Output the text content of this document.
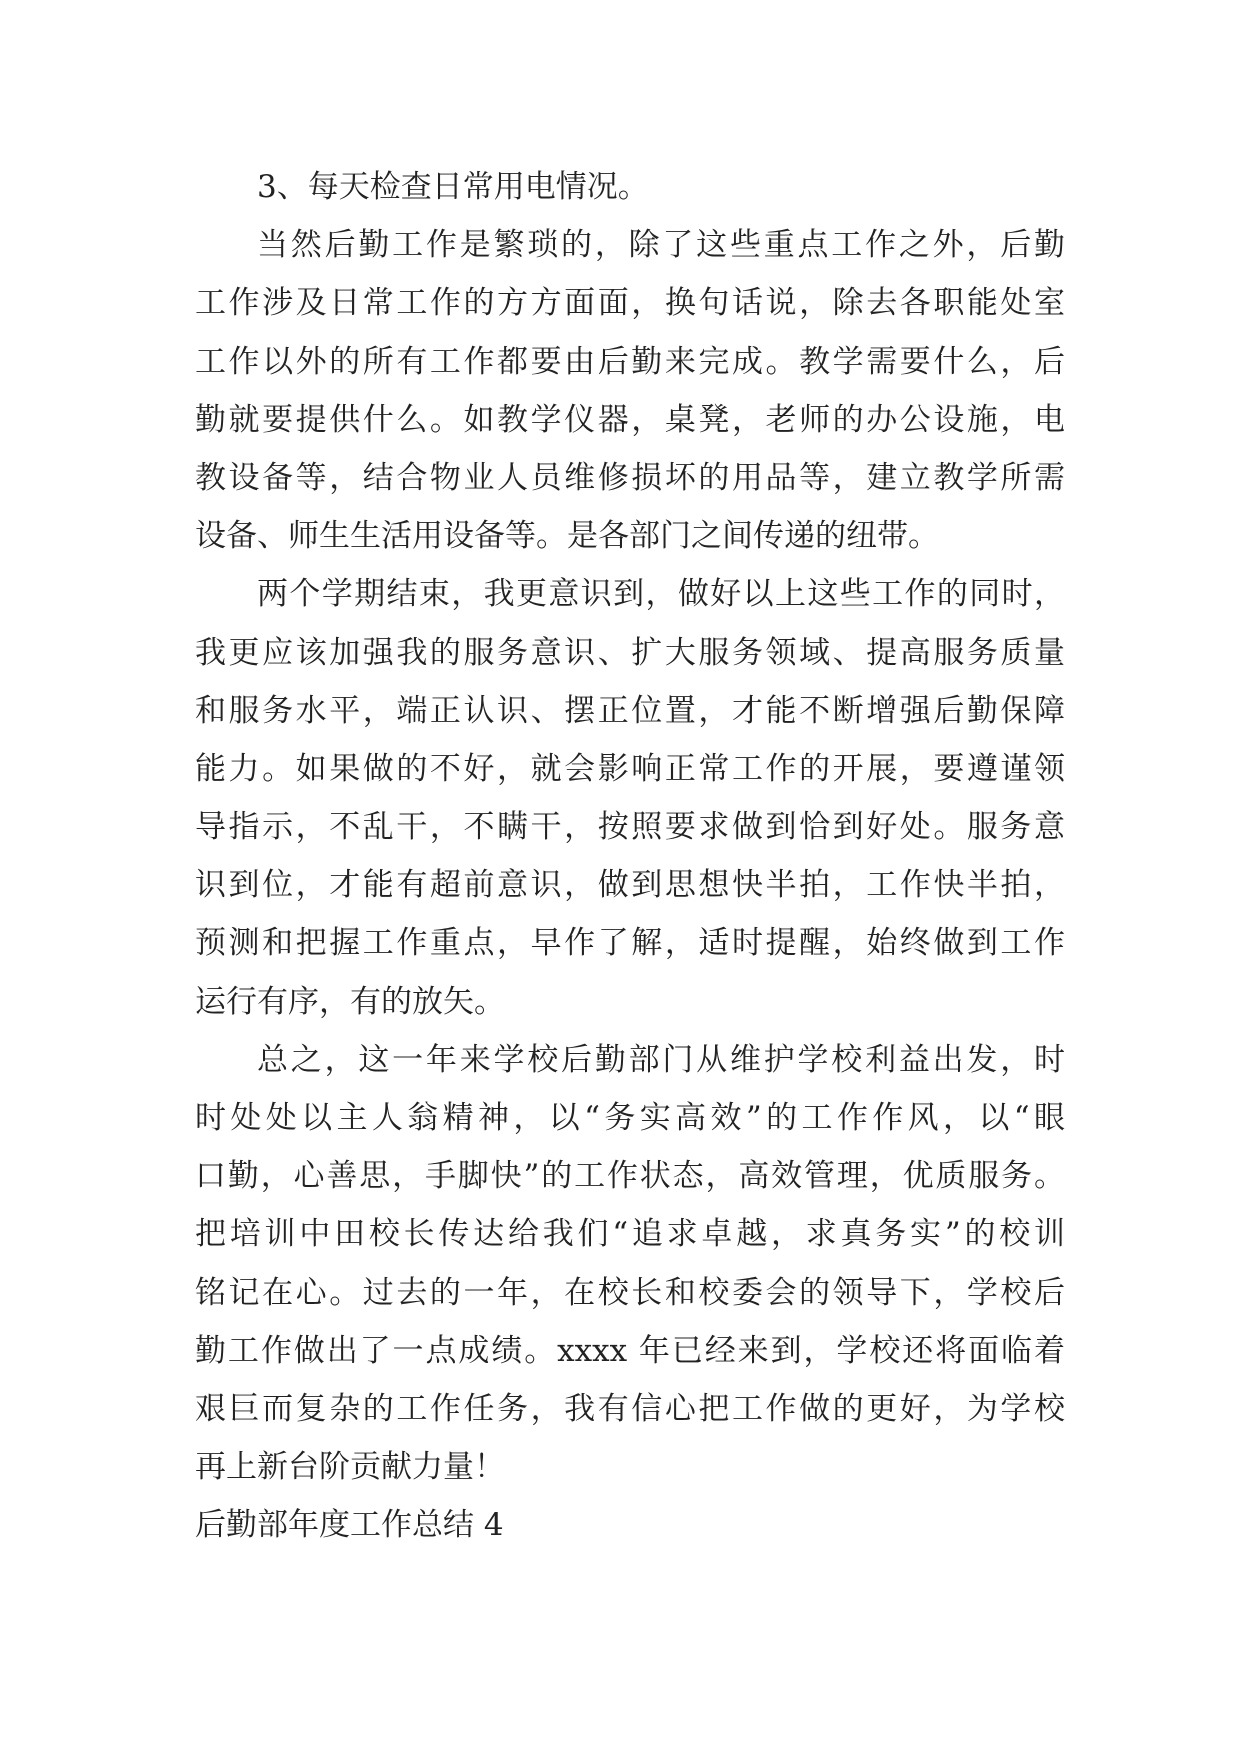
3、每天检查日常用电情况。
当然后勤工作是繁琐的，除了这些重点工作之外，后勤
工作涉及日常工作的方方面面，换句话说，除去各职能处室
工作以外的所有工作都要由后勤来完成。教学需要什么，后
勤就要提供什么。如教学仪器，桌凳，老师的办公设施，电
教设备等，结合物业人员维修损坏的用品等，建立教学所需
设备、师生生活用设备等。是各部门之间传递的纽带。
两个学期结束，我更意识到，做好以上这些工作的同时，
我更应该加强我的服务意识、扩大服务领域、提高服务质量
和服务水平，端正认识、摆正位置，才能不断增强后勤保障
能力。如果做的不好，就会影响正常工作的开展，要遵谨领
导指示，不乱干，不瞒干，按照要求做到恰到好处。服务意
识到位，才能有超前意识，做到思想快半拍，工作快半拍，
预测和把握工作重点，早作了解，适时提醒，始终做到工作
运行有序，有的放矢。
总之，这一年来学校后勤部门从维护学校利益出发，时
时处处以主人翁精神，以“务实高效”的工作作风，以“眼
口勤，心善思，手脚快”的工作状态，高效管理，优质服务。
把培训中田校长传达给我们“追求卓越，求真务实”的校训
铭记在心。过去的一年，在校长和校委会的领导下，学校后
勤工作做出了一点成绩。xxxx 年已经来到，学校还将面临着
艰巨而复杂的工作任务，我有信心把工作做的更好，为学校
再上新台阶贡献力量！
后勤部年度工作总结 4
